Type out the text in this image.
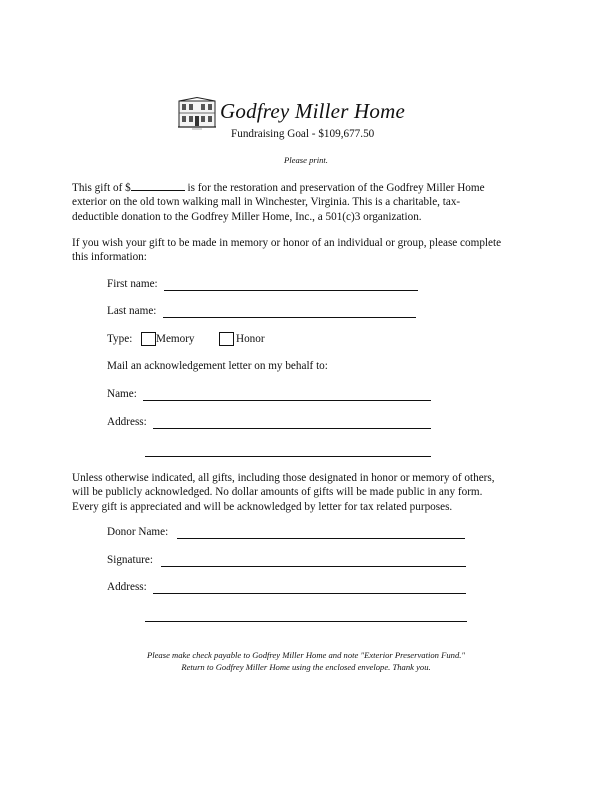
Godfrey Miller Home
Fundraising Goal - $109,677.50
Please print.
This gift of $	is for the restoration and preservation of the Godfrey Miller Home
exterior on the old town walking mall in Winchester, Virginia. This is a charitable, tax-
deductible donation to the Godfrey Miller Home, Inc., a 501(c)3 organization.
If you wish your gift to be made in memory or honor of an individual or group, please complete
this information:
First name:
Last name:
Type: Memory	Honor
Mail an acknowledgement letter on my behalf to:
Name:
Address:
Unless otherwise indicated, all gifts, including those designated in honor or memory of others,
will be publicly acknowledged. No dollar amounts of gifts will be made public in any form.
Every gift is appreciated and will be acknowledged by letter for tax related purposes.
Donor Name:
Signature:
Address:
Please make check payable to Godfrey Miller Home and note "Exterior Preservation Fund."
Return to Godfrey Miller Home using the enclosed envelope. Thank you.
